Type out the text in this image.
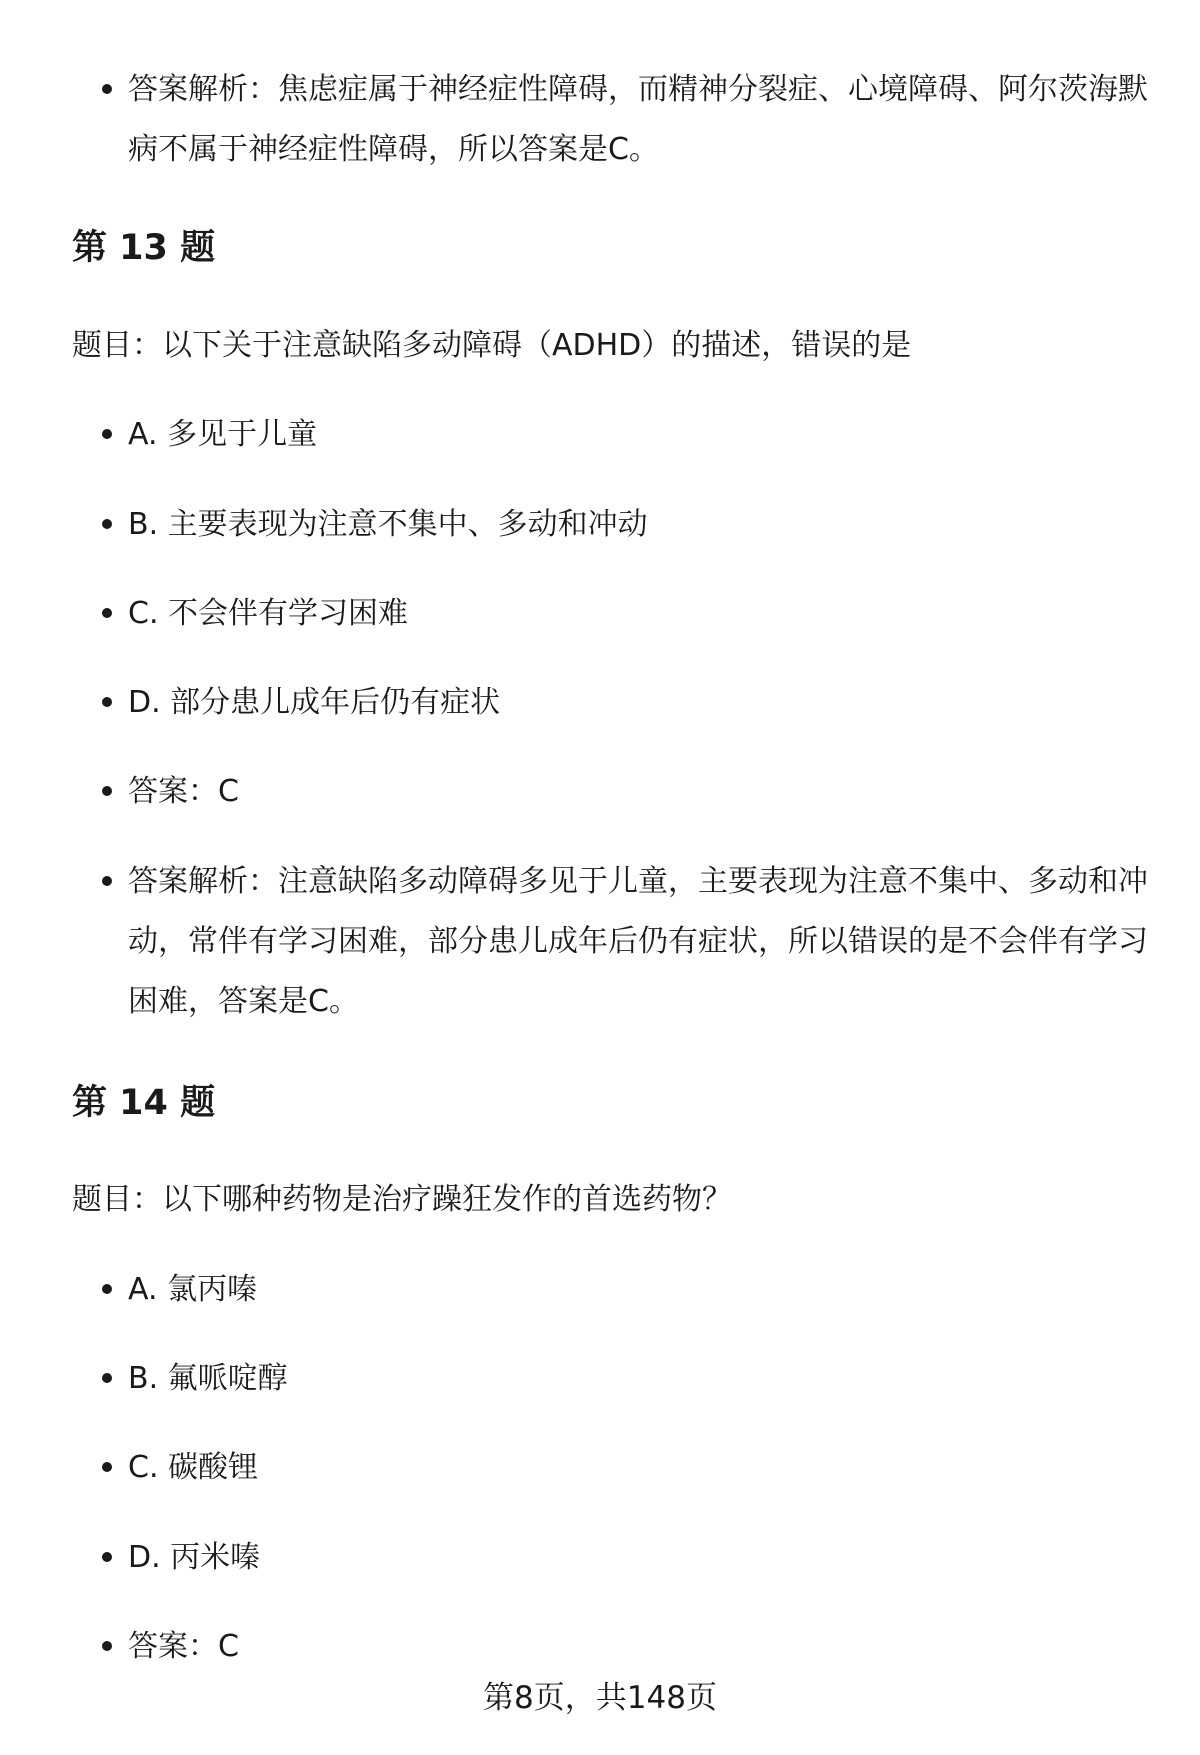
答案解析：焦虑症属于神经症性障碍，而精神分裂症、心境障碍、阿尔茨海默病不属于神经症性障碍，所以答案是C。
第 13 题
题目：以下关于注意缺陷多动障碍（ADHD）的描述，错误的是
A. 多见于儿童
B. 主要表现为注意不集中、多动和冲动
C. 不会伴有学习困难
D. 部分患儿成年后仍有症状
答案：C
答案解析：注意缺陷多动障碍多见于儿童，主要表现为注意不集中、多动和冲动，常伴有学习困难，部分患儿成年后仍有症状，所以错误的是不会伴有学习困难，答案是C。
第 14 题
题目：以下哪种药物是治疗躁狂发作的首选药物？
A. 氯丙嗪
B. 氟哌啶醇
C. 碳酸锂
D. 丙米嗪
答案：C
第8页，共148页
